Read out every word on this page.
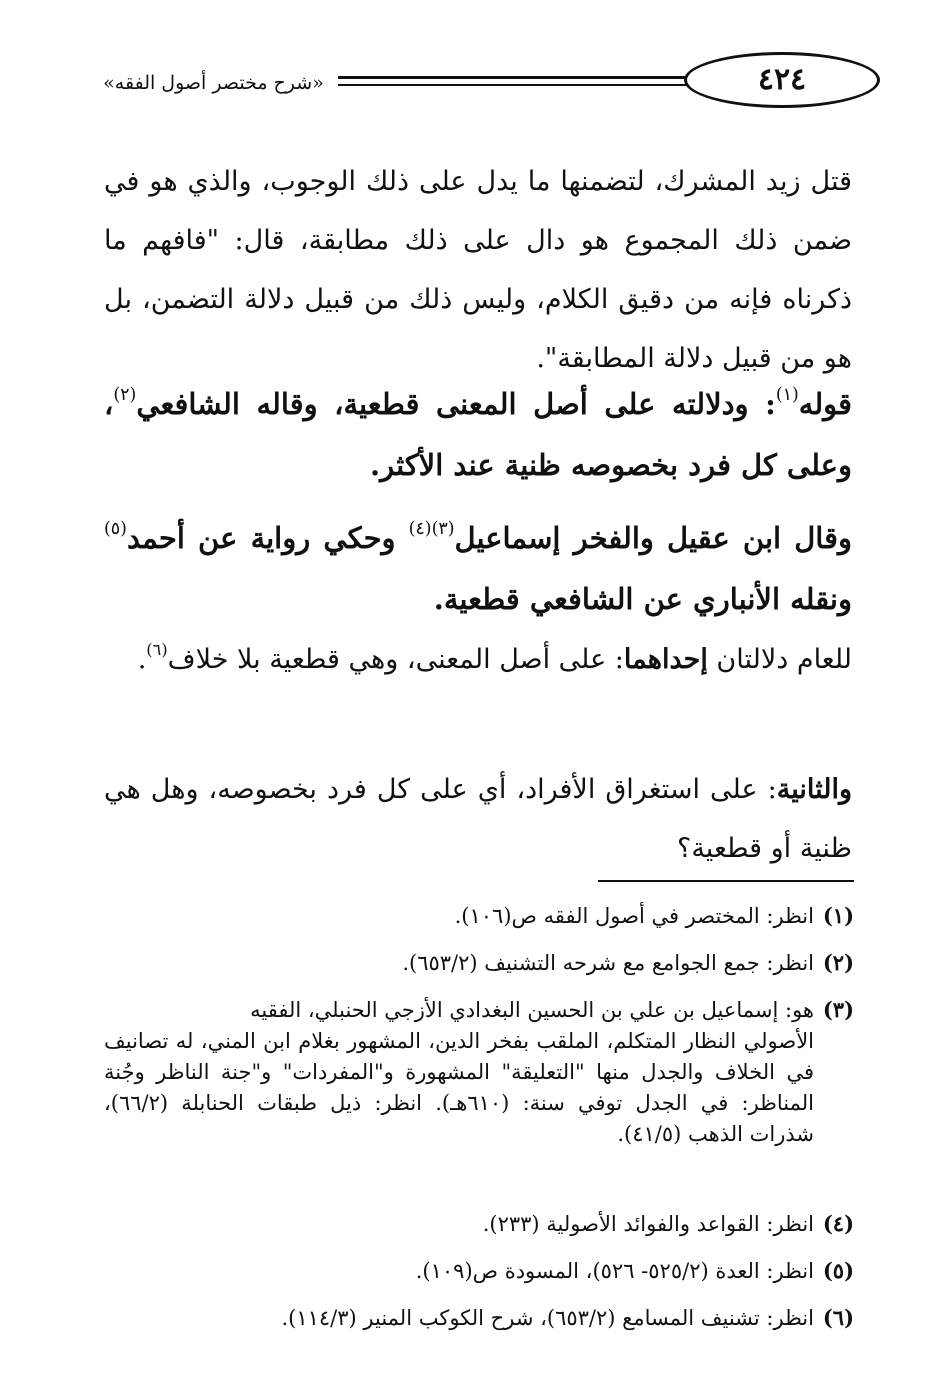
«شرح مختصر أصول الفقه»	٤٢٤
قتل زيد المشرك، لتضمنها ما يدل على ذلك الوجوب، والذي هو في ضمن ذلك المجموع هو دال على ذلك مطابقة، قال: "فافهم ما ذكرناه فإنه من دقيق الكلام، وليس ذلك من قبيل دلالة التضمن، بل هو من قبيل دلالة المطابقة".
قوله$^{(١)}$: ودلالته على أصل المعنى قطعية، وقاله الشافعي$^{(٢)}$، وعلى كل فرد بخصوصه ظنية عند الأكثر.
وقال ابن عقيل والفخر إسماعيل$^{(٣)(٤)}$ وحكي رواية عن أحمد$^{(٥)}$ ونقله الأنباري عن الشافعي قطعية.
للعام دلالتان إحداهما: على أصل المعنى، وهي قطعية بلا خلاف$^{(٦)}$.
والثانية: على استغراق الأفراد، أي على كل فرد بخصوصه، وهل هي ظنية أو قطعية؟
(١)انظر: المختصر في أصول الفقه ص(١٠٦).
(٢)انظر: جمع الجوامع مع شرحه التشنيف (٦٥٣/٢).
(٣)هو: إسماعيل بن علي بن الحسين البغدادي الأزجي الحنبلي، الفقيه
الأصولي النظار المتكلم، الملقب بفخر الدين، المشهور بغلام ابن المني، له تصانيف في الخلاف والجدل منها "التعليقة" المشهورة و"المفردات" و"جنة الناظر وجُنة المناظر: في الجدل توفي سنة: (٦١٠هـ). انظر: ذيل طبقات الحنابلة (٦٦/٢)، شذرات الذهب (٤١/٥).
(٤)انظر: القواعد والفوائد الأصولية (٢٣٣).
(٥)انظر: العدة (٥٢٥/٢- ٥٢٦)، المسودة ص(١٠٩).
(٦)انظر: تشنيف المسامع (٦٥٣/٢)، شرح الكوكب المنير (١١٤/٣).
